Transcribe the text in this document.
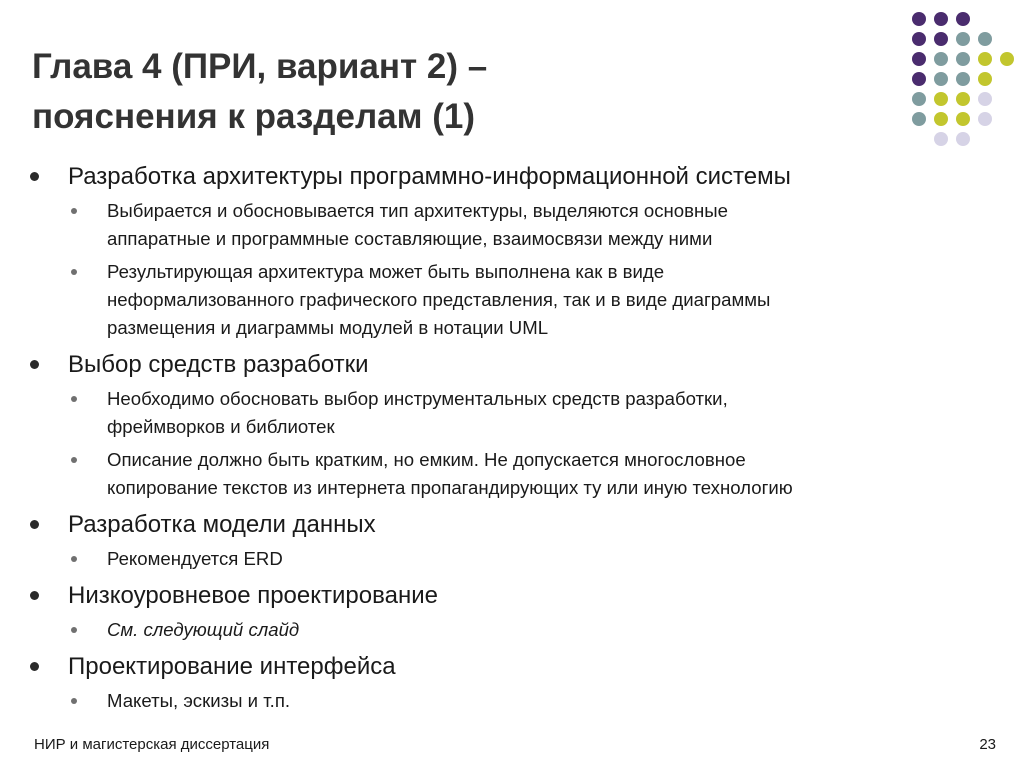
Глава 4 (ПРИ, вариант 2) –
пояснения к разделам (1)
Разработка архитектуры программно-информационной системы
Выбирается и обосновывается тип архитектуры, выделяются основные
аппаратные и программные составляющие, взаимосвязи между ними
Результирующая архитектура может быть выполнена как в виде
неформализованного графического представления, так и в виде диаграммы
размещения и диаграммы модулей в нотации UML
Выбор средств разработки
Необходимо обосновать выбор инструментальных средств разработки,
фреймворков и библиотек
Описание должно быть кратким, но емким. Не допускается многословное
копирование текстов из интернета пропагандирующих ту или иную технологию
Разработка модели данных
Рекомендуется ERD
Низкоуровневое проектирование
См. следующий слайд
Проектирование интерфейса
Макеты, эскизы и т.п.
НИР и магистерская диссертация	23
